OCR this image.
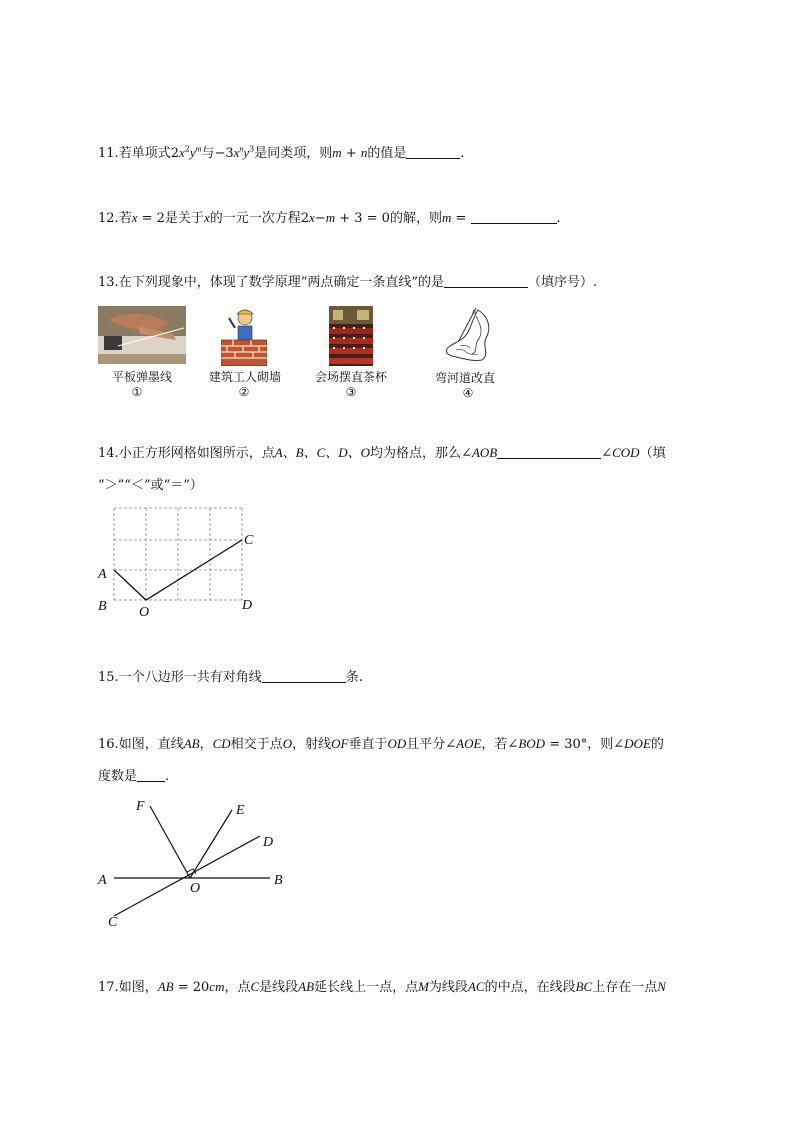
11.若单项式$2x^2y^m$与$-3x^ny^3$是同类项，则m + n的值是	.
12.若x = 2是关于x的一元一次方程2x−m + 3 = 0的解，则m =	.
13.在下列现象中，体现了数学原理“两点确定一条直线”的是	（填序号）.
B
平板弹墨线	建筑工人砌墙	会场摆直茶杯	弯河道改直
①	②	③	④
14.小正方形网格如图所示，点A、B、C、D、O均为格点，那么∠AOB	∠COD（填
“＞”“＜”或“＝”）
A
B
C
D
O
15.一个八边形一共有对角线	条.
16.如图，直线AB，CD相交于点O，射线OF垂直于OD且平分∠AOE，若∠BOD = 30°，则∠DOE的
度数是 .
A	B
C
D
E
F
O
17.如图，AB = 20cm，点C是线段AB延长线上一点，点M为线段AC的中点，在线段BC上存在一点N
